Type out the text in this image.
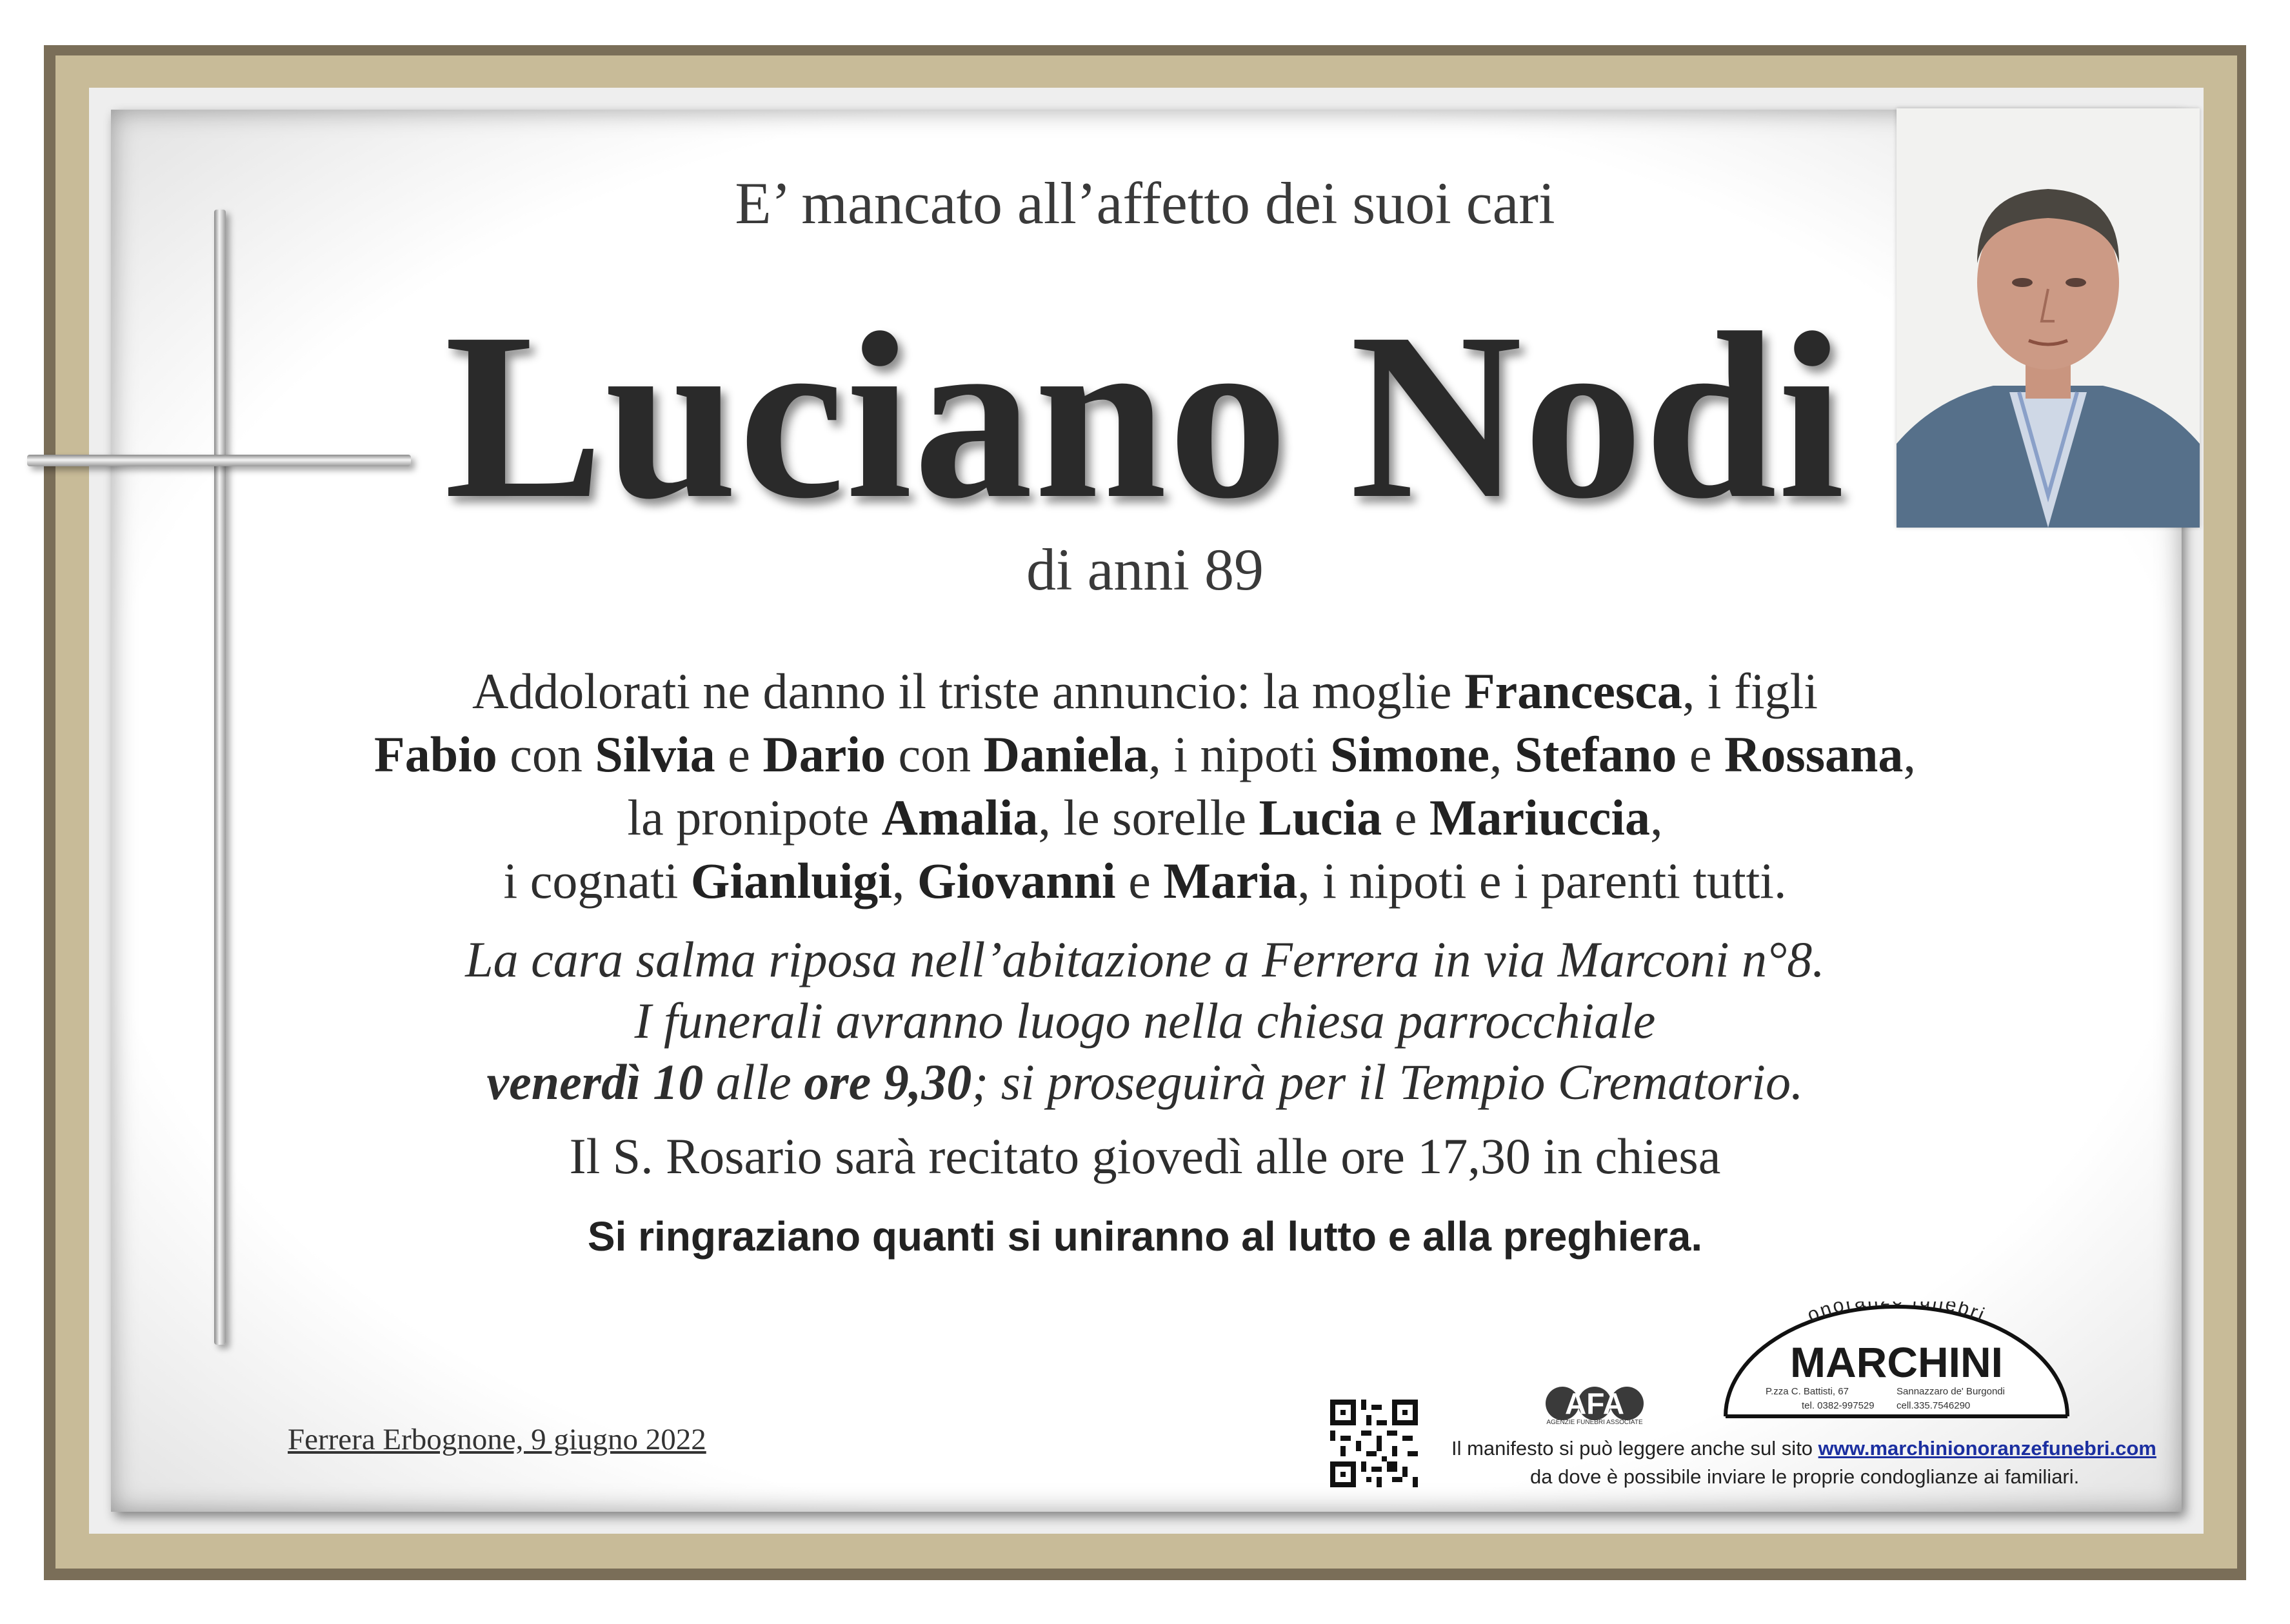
E’ mancato all’affetto dei suoi cari
Luciano Nodi
di anni 89
Addolorati ne danno il triste annuncio: la moglie Francesca, i figli
Fabio con Silvia e Dario con Daniela, i nipoti Simone, Stefano e Rossana,
la pronipote Amalia, le sorelle Lucia e Mariuccia,
i cognati Gianluigi, Giovanni e Maria, i nipoti e i parenti tutti.
La cara salma riposa nell’abitazione a Ferrera in via Marconi n°8.
I funerali avranno luogo nella chiesa parrocchiale
venerdì 10 alle ore 9,30; si proseguirà per il Tempio Crematorio.
Il S. Rosario sarà recitato giovedì alle ore 17,30 in chiesa
Si ringraziano quanti si uniranno al lutto e alla preghiera.
Ferrera Erbognone, 9 giugno 2022
AFA
AGENZIE FUNEBRI ASSOCIATE
onor nebri
MARCHINI
P.zza C. Battisti, 67	Sannazzaro de' Burgondi
tel. 0382-997529 cell.335.7546290
Il manifesto si può leggere anche sul sito www.marchinionoranzefunebri.com
da dove è possibile inviare le proprie condoglianze ai familiari.
